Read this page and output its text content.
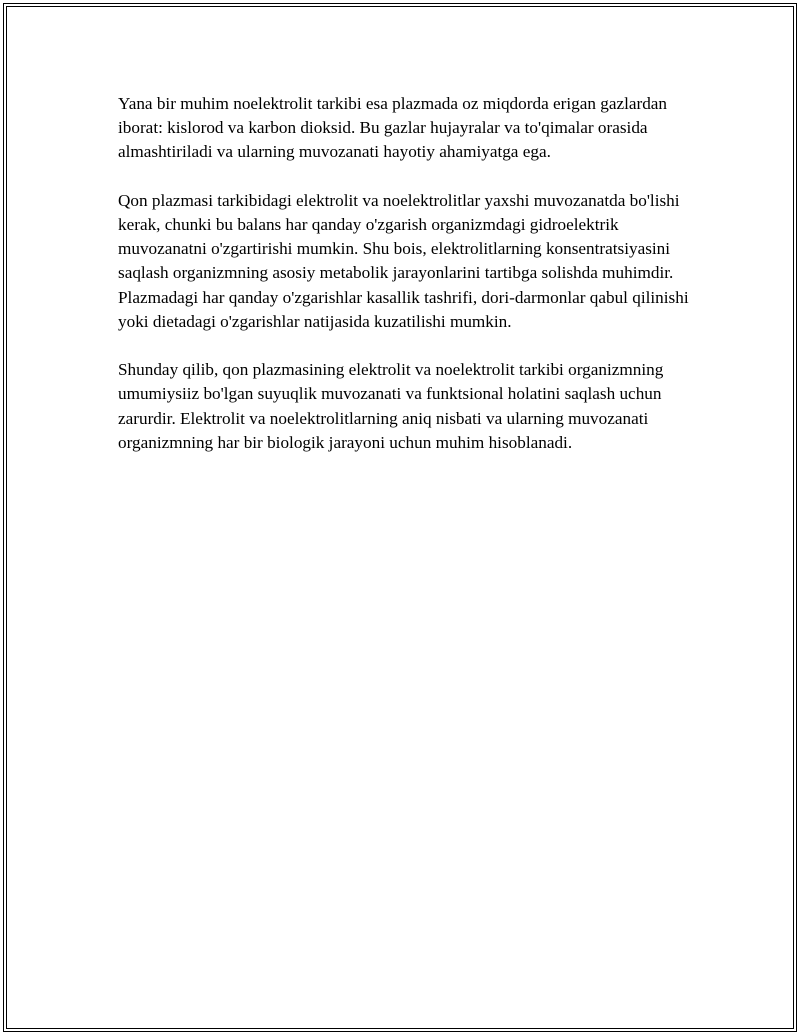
Yana bir muhim noelektrolit tarkibi esa plazmada oz miqdorda erigan gazlardan iborat: kislorod va karbon dioksid. Bu gazlar hujayralar va to'qimalar orasida almashtiriladi va ularning muvozanati hayotiy ahamiyatga ega.

Qon plazmasi tarkibidagi elektrolit va noelektrolitlar yaxshi muvozanatda bo'lishi kerak, chunki bu balans har qanday o'zgarish organizmdagi gidroelektrik muvozanatni o'zgartirishi mumkin. Shu bois, elektrolitlarning konsentratsiyasini saqlash organizmning asosiy metabolik jarayonlarini tartibga solishda muhimdir. Plazmadagi har qanday o'zgarishlar kasallik tashrifi, dori-darmonlar qabul qilinishi yoki dietadagi o'zgarishlar natijasida kuzatilishi mumkin.

Shunday qilib, qon plazmasining elektrolit va noelektrolit tarkibi organizmning umumiysiiz bo'lgan suyuqlik muvozanati va funktsional holatini saqlash uchun zarurdir. Elektrolit va noelektrolitlarning aniq nisbati va ularning muvozanati organizmning har bir biologik jarayoni uchun muhim hisoblanadi.
